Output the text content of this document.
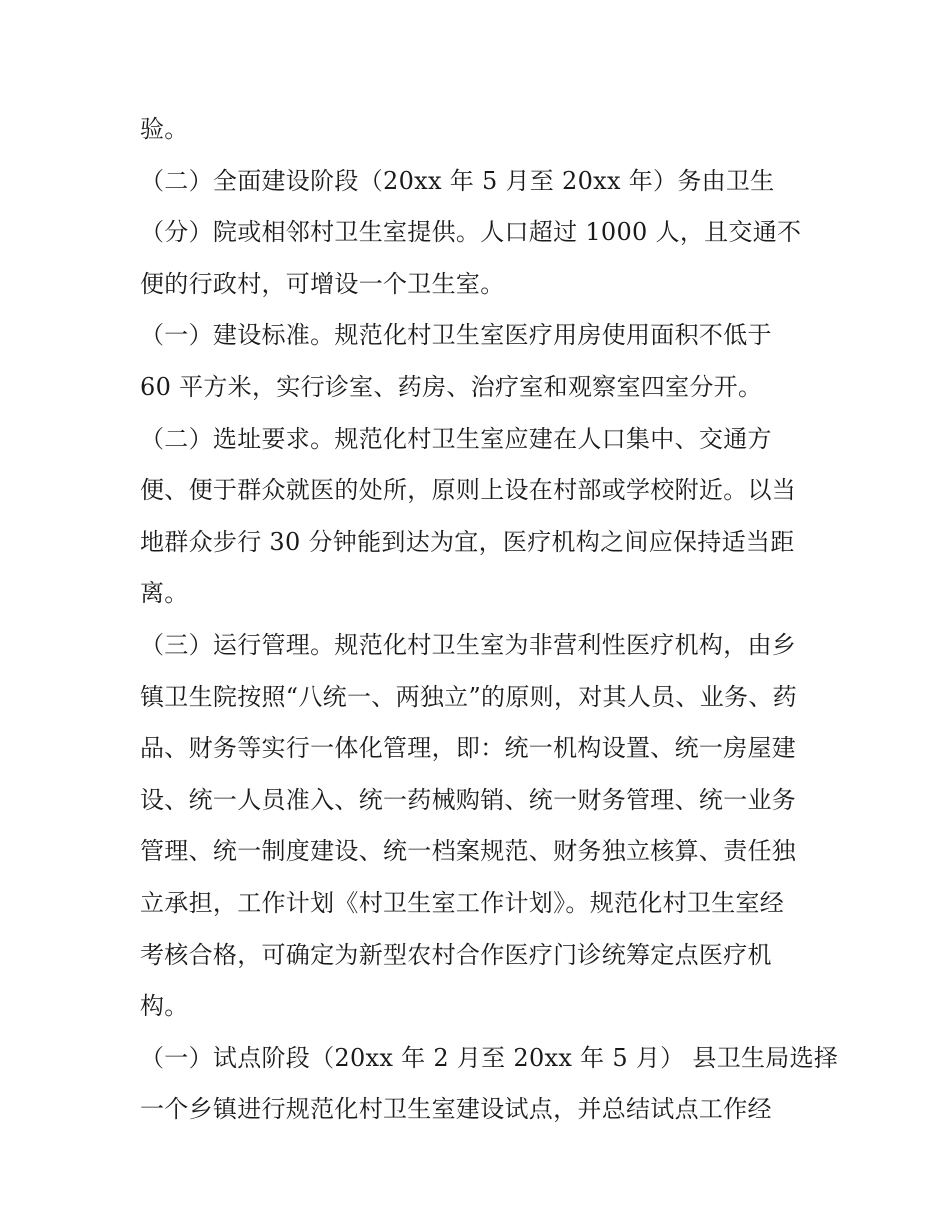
验。
（二）全面建设阶段（20xx 年 5 月至 20xx 年）务由卫生
（分）院或相邻村卫生室提供。人口超过 1000 人，且交通不
便的行政村，可增设一个卫生室。
（一）建设标准。规范化村卫生室医疗用房使用面积不低于
60 平方米，实行诊室、药房、治疗室和观察室四室分开。
（二）选址要求。规范化村卫生室应建在人口集中、交通方
便、便于群众就医的处所，原则上设在村部或学校附近。以当
地群众步行 30 分钟能到达为宜，医疗机构之间应保持适当距
离。
（三）运行管理。规范化村卫生室为非营利性医疗机构，由乡
镇卫生院按照“八统一、两独立”的原则，对其人员、业务、药
品、财务等实行一体化管理，即：统一机构设置、统一房屋建
设、统一人员准入、统一药械购销、统一财务管理、统一业务
管理、统一制度建设、统一档案规范、财务独立核算、责任独
立承担，工作计划《村卫生室工作计划》。规范化村卫生室经
考核合格，可确定为新型农村合作医疗门诊统筹定点医疗机
构。
（一）试点阶段（20xx 年 2 月至 20xx 年 5 月） 县卫生局选择
一个乡镇进行规范化村卫生室建设试点，并总结试点工作经
